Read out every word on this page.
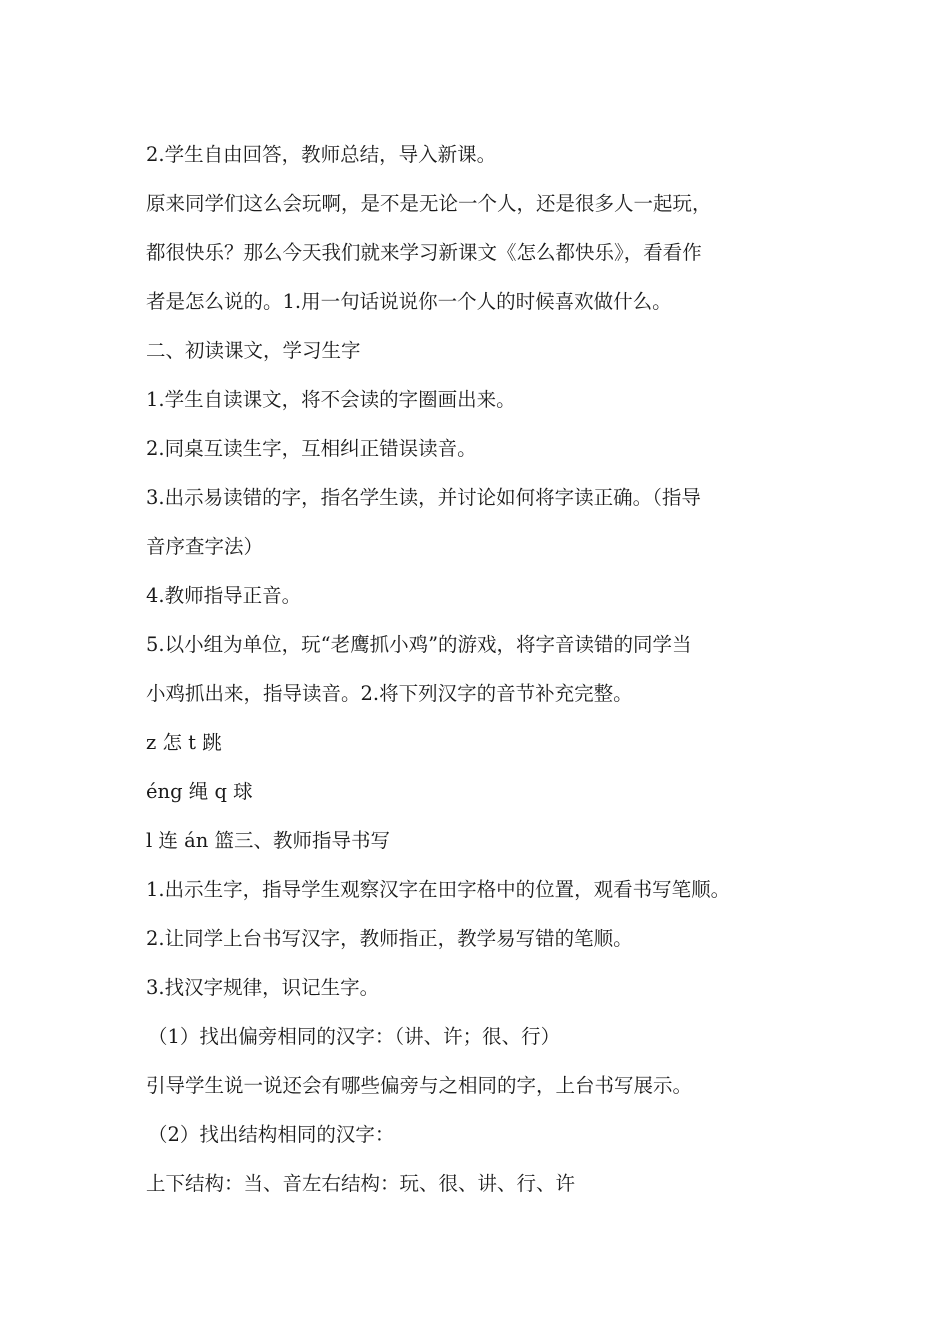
2.学生自由回答，教师总结，导入新课。

原来同学们这么会玩啊，是不是无论一个人，还是很多人一起玩，

都很快乐？那么今天我们就来学习新课文《怎么都快乐》，看看作

者是怎么说的。1.用一句话说说你一个人的时候喜欢做什么。

二、初读课文，学习生字

1.学生自读课文，将不会读的字圈画出来。

2.同桌互读生字，互相纠正错误读音。

3.出示易读错的字，指名学生读，并讨论如何将字读正确。（指导

音序查字法）

4.教师指导正音。

5.以小组为单位，玩“老鹰抓小鸡”的游戏，将字音读错的同学当

小鸡抓出来，指导读音。2.将下列汉字的音节补充完整。

z 怎 t 跳

éng 绳 q 球

l 连 án 篮三、教师指导书写

1.出示生字，指导学生观察汉字在田字格中的位置，观看书写笔顺。

2.让同学上台书写汉字，教师指正，教学易写错的笔顺。

3.找汉字规律，识记生字。

（1）找出偏旁相同的汉字：（讲、许；很、行）

引导学生说一说还会有哪些偏旁与之相同的字，上台书写展示。

（2）找出结构相同的汉字：

上下结构：当、音左右结构：玩、很、讲、行、许
